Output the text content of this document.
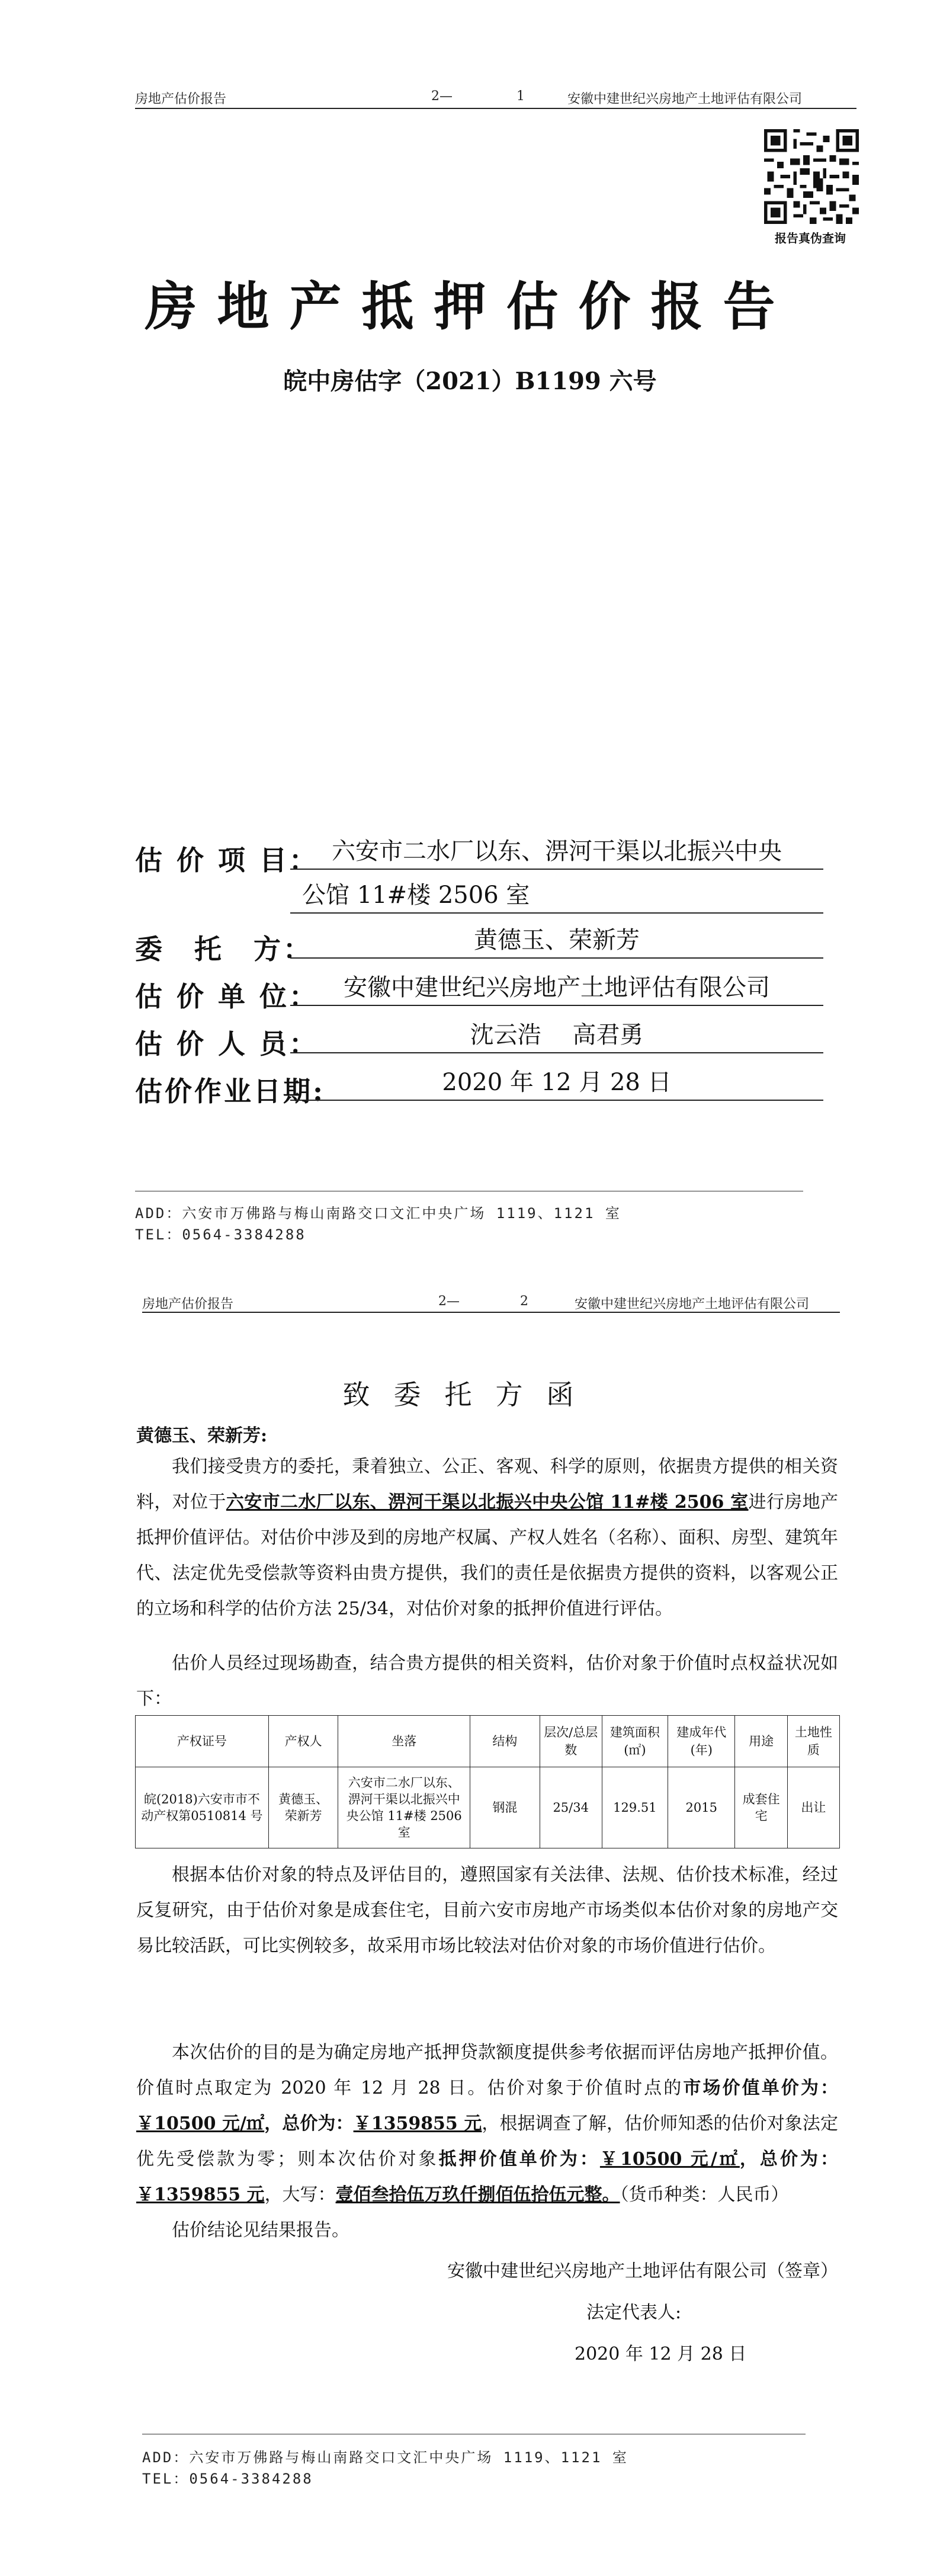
房地产估价报告	2—	1	安徽中建世纪兴房地产土地评估有限公司
报告真伪查询
房地产抵押估价报告
皖中房估字（2021）B1199 六号
估 价 项 目： 六安市二水厂以东、淠河干渠以北振兴中央
公馆 11#楼 2506 室
委　托　方：	黄德玉、荣新芳
估 价 单 位：	安徽中建世纪兴房地产土地评估有限公司
估 价 人 员：	沈云浩　 高君勇
估价作业日期:	2020 年 12 月 28 日
ADD：六安市万佛路与梅山南路交口文汇中央广场 1119、1121 室
TEL：0564-3384288
房地产估价报告	2—	2	安徽中建世纪兴房地产土地评估有限公司
致委托方函
黄德玉、荣新芳:
我们接受贵方的委托，秉着独立、公正、客观、科学的原则，依据贵方提供的相关资料，对位于六安市二水厂以东、淠河干渠以北振兴中央公馆 11#楼 2506 室进行房地产抵押价值评估。对估价中涉及到的房地产权属、产权人姓名（名称）、面积、房型、建筑年代、法定优先受偿款等资料由贵方提供，我们的责任是依据贵方提供的资料，以客观公正的立场和科学的估价方法 25/34，对估价对象的抵押价值进行评估。
估价人员经过现场勘查，结合贵方提供的相关资料，估价对象于价值时点权益状况如下：
产权证号	产权人	坐落	结构	层次/总层数	建筑面积(㎡)	建成年代(年)	用途	土地性质
皖(2018)六安市市不动产权第0510814 号	黄德玉、荣新芳	六安市二水厂以东、淠河干渠以北振兴中央公馆 11#楼 2506 室	钢混	25/34	129.51	2015	成套住宅	出让
根据本估价对象的特点及评估目的，遵照国家有关法律、法规、估价技术标准，经过反复研究，由于估价对象是成套住宅，目前六安市房地产市场类似本估价对象的房地产交易比较活跃，可比实例较多，故采用市场比较法对估价对象的市场价值进行估价。
本次估价的目的是为确定房地产抵押贷款额度提供参考依据而评估房地产抵押价值。价值时点取定为 2020 年 12 月 28 日。估价对象于价值时点的市场价值单价为：￥10500 元/㎡，总价为：￥1359855 元，根据调查了解，估价师知悉的估价对象法定优先受偿款为零；则本次估价对象抵押价值单价为：￥10500 元/㎡，总价为：￥1359855 元，大写：壹佰叁拾伍万玖仟捌佰伍拾伍元整。（货币种类：人民币）
估价结论见结果报告。
安徽中建世纪兴房地产土地评估有限公司（签章）
法定代表人:
2020 年 12 月 28 日
ADD：六安市万佛路与梅山南路交口文汇中央广场 1119、1121 室
TEL：0564-3384288
